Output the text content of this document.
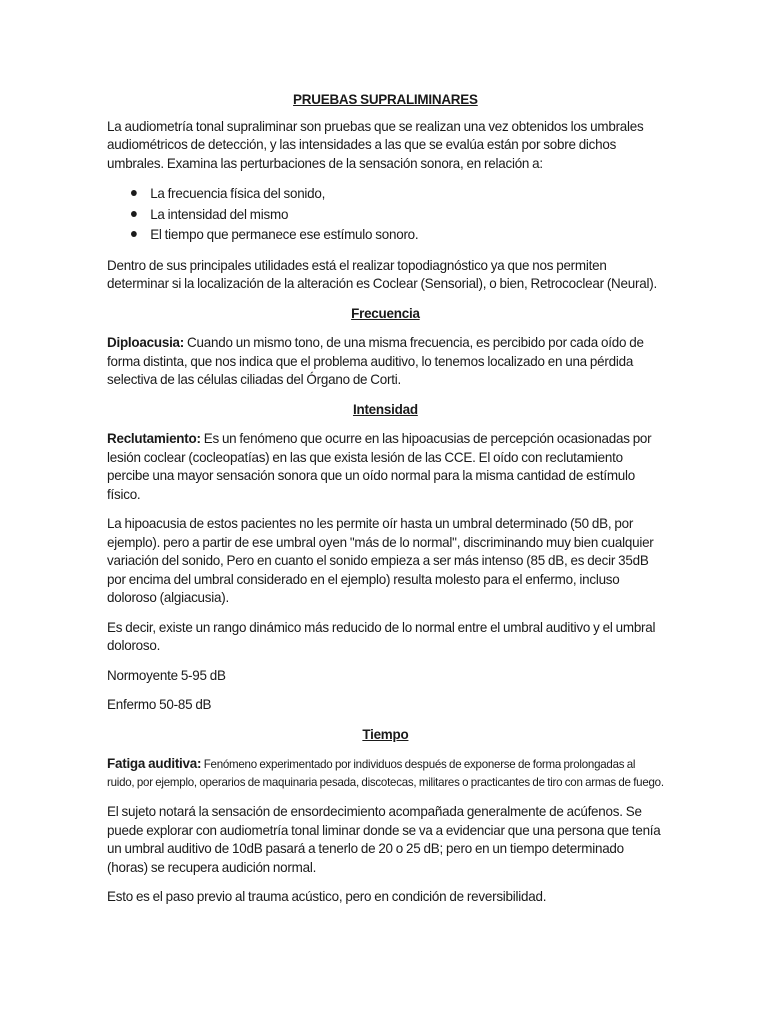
PRUEBAS SUPRALIMINARES

La audiometría tonal supraliminar son pruebas que se realizan una vez obtenidos los umbrales audiométricos de detección, y las intensidades a las que se evalúa están por sobre dichos umbrales. Examina las perturbaciones de la sensación sonora, en relación a:

La frecuencia física del sonido,
La intensidad del mismo
El tiempo que permanece ese estímulo sonoro.

Dentro de sus principales utilidades está el realizar topodiagnóstico ya que nos permiten determinar si la localización de la alteración es Coclear (Sensorial), o bien, Retrococlear (Neural).

Frecuencia

Diploacusia: Cuando un mismo tono, de una misma frecuencia, es percibido por cada oído de forma distinta, que nos indica que el problema auditivo, lo tenemos localizado en una pérdida selectiva de las células ciliadas del Órgano de Corti.

Intensidad

Reclutamiento: Es un fenómeno que ocurre en las hipoacusias de percepción ocasionadas por lesión coclear (cocleopatías) en las que exista lesión de las CCE. El oído con reclutamiento percibe una mayor sensación sonora que un oído normal para la misma cantidad de estímulo físico.

La hipoacusia de estos pacientes no les permite oír hasta un umbral determinado (50 dB, por ejemplo). pero a partir de ese umbral oyen "más de lo normal", discriminando muy bien cualquier variación del sonido, Pero en cuanto el sonido empieza a ser más intenso (85 dB, es decir 35dB por encima del umbral considerado en el ejemplo) resulta molesto para el enfermo, incluso doloroso (algiacusia).

Es decir, existe un rango dinámico más reducido de lo normal entre el umbral auditivo y el umbral doloroso.

Normoyente 5-95 dB

Enfermo 50-85 dB

Tiempo

Fatiga auditiva: Fenómeno experimentado por individuos después de exponerse de forma prolongadas al ruido, por ejemplo, operarios de maquinaria pesada, discotecas, militares o practicantes de tiro con armas de fuego.

El sujeto notará la sensación de ensordecimiento acompañada generalmente de acúfenos. Se puede explorar con audiometría tonal liminar donde se va a evidenciar que una persona que tenía un umbral auditivo de 10dB pasará a tenerlo de 20 o 25 dB; pero en un tiempo determinado (horas) se recupera audición normal.

Esto es el paso previo al trauma acústico, pero en condición de reversibilidad.
